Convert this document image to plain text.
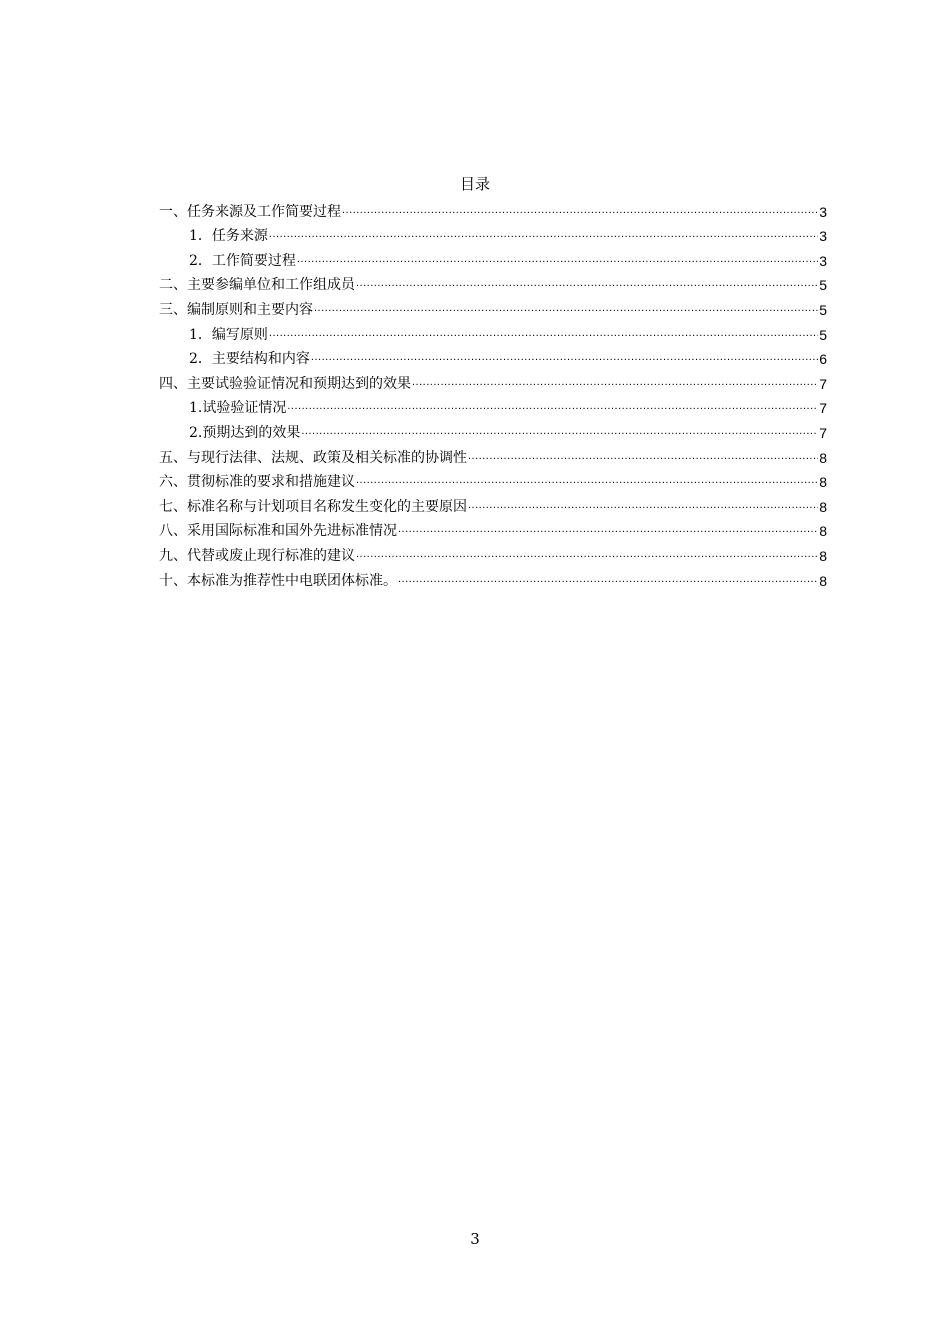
目录
一、任务来源及工作简要过程 .....	3
1．任务来源 .....	3
2．工作简要过程 .....	3
二、主要参编单位和工作组成员 .....	5
三、编制原则和主要内容 .....	5
1．编写原则 .....	5
2．主要结构和内容 .....	6
四、主要试验验证情况和预期达到的效果 .....	7
1.试验验证情况 .....	7
2.预期达到的效果 .....	7
五、与现行法律、法规、政策及相关标准的协调性 .....	8
六、贯彻标准的要求和措施建议 .....	8
七、标准名称与计划项目名称发生变化的主要原因 .....	8
八、采用国际标准和国外先进标准情况 .....	8
九、代替或废止现行标准的建议 .....	8
十、本标准为推荐性中电联团体标准。 .....	8
3
